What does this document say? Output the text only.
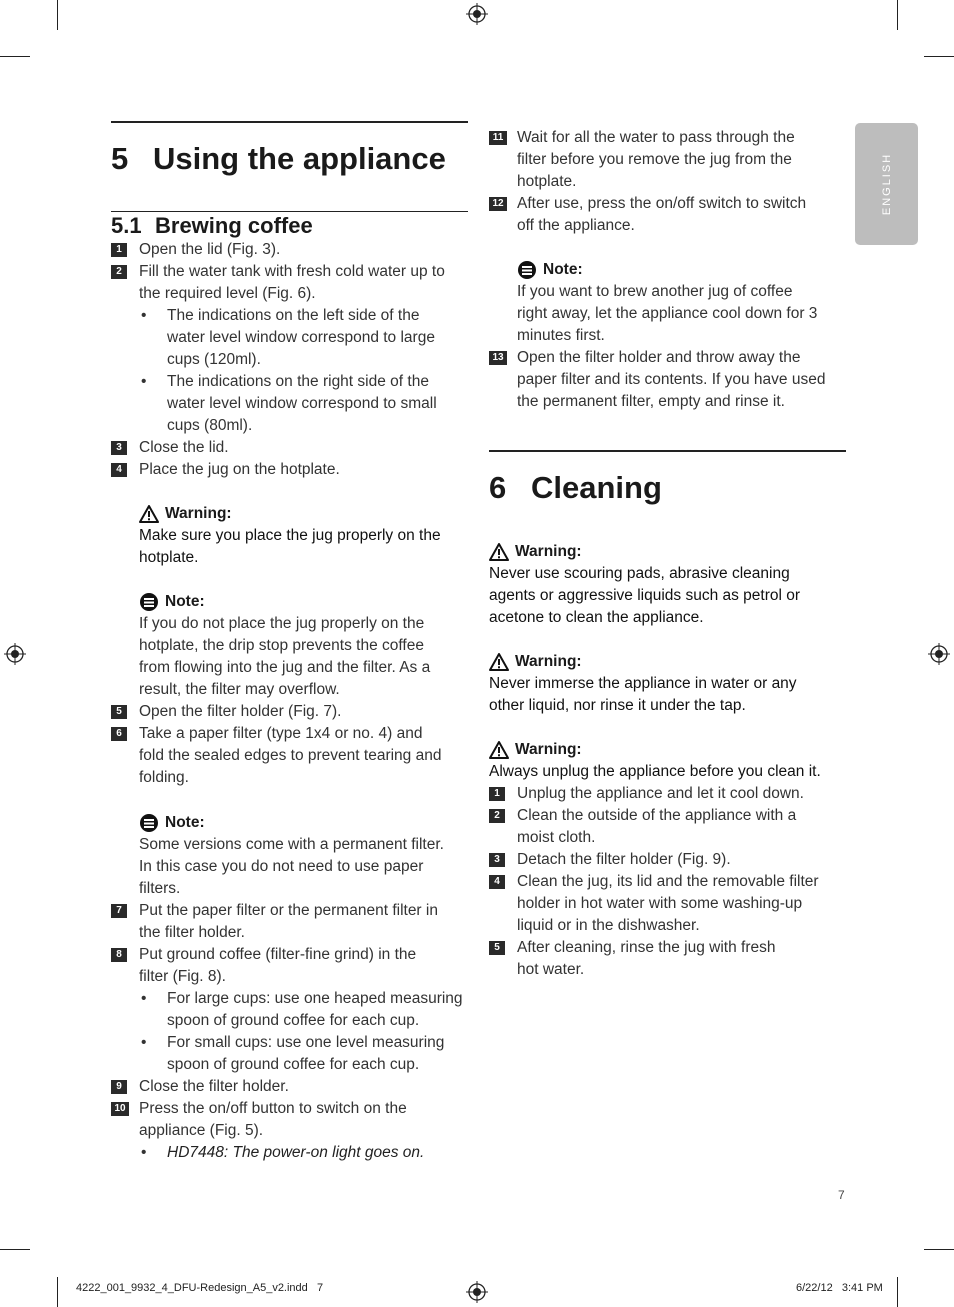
ENGLISH
5 Using the appliance
5.1 Brewing coffee
1	Open the lid (Fig. 3).
2	Fill the water tank with fresh cold water up to
the required level (Fig. 6).
•	The indications on the left side of the
water level window correspond to large
cups (120ml).
•	The indications on the right side of the
water level window correspond to small
cups (80ml).
3	Close the lid.
4	Place the jug on the hotplate.
Warning:
Make sure you place the jug properly on the
hotplate.
Note:
If you do not place the jug properly on the
hotplate, the drip stop prevents the coffee
from flowing into the jug and the filter. As a
result, the filter may overflow.
5	Open the filter holder (Fig. 7).
6	Take a paper filter (type 1x4 or no. 4) and
fold the sealed edges to prevent tearing and
folding.
Note:
Some versions come with a permanent filter.
In this case you do not need to use paper
filters.
7	Put the paper filter or the permanent filter in
the filter holder.
8	Put ground coffee (filter-fine grind) in the
filter (Fig. 8).
•	For large cups: use one heaped measuring
spoon of ground coffee for each cup.
•	For small cups: use one level measuring
spoon of ground coffee for each cup.
9	Close the filter holder.
10 Press the on/off button to switch on the
appliance (Fig. 5).
•	HD7448: The power-on light goes on.
11 Wait for all the water to pass through the
filter before you remove the jug from the
hotplate.
12 After use, press the on/off switch to switch
off the appliance.
Note:
If you want to brew another jug of coffee
right away, let the appliance cool down for 3
minutes first.
13 Open the filter holder and throw away the
paper filter and its contents. If you have used
the permanent filter, empty and rinse it.
6 Cleaning
Warning:
Never use scouring pads, abrasive cleaning
agents or aggressive liquids such as petrol or
acetone to clean the appliance.
Warning:
Never immerse the appliance in water or any
other liquid, nor rinse it under the tap.
Warning:
Always unplug the appliance before you clean it.
1	Unplug the appliance and let it cool down.
2	Clean the outside of the appliance with a
moist cloth.
3	Detach the filter holder (Fig. 9).
4	Clean the jug, its lid and the removable filter
holder in hot water with some washing-up
liquid or in the dishwasher.
5	After cleaning, rinse the jug with fresh
hot water.
7
4222_001_9932_4_DFU-Redesign_A5_v2.indd   7	6/22/12   3:41 PM
